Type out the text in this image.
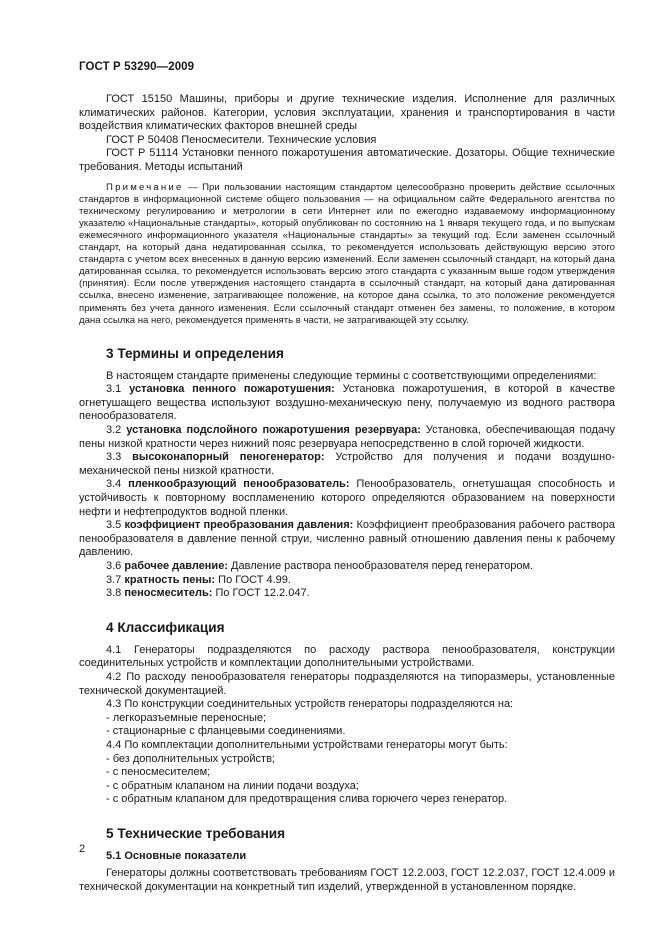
ГОСТ Р 53290—2009

ГОСТ 15150 Машины, приборы и другие технические изделия. Исполнение для различных климатических районов. Категории, условия эксплуатации, хранения и транспортирования в части воздействия климатических факторов внешней среды

ГОСТ Р 50408 Пеносмесители. Технические условия

ГОСТ Р 51114 Установки пенного пожаротушения автоматические. Дозаторы. Общие технические требования. Методы испытаний

Примечание — При пользовании настоящим стандартом целесообразно проверить действие ссылочных стандартов в информационной системе общего пользования — на официальном сайте Федерального агентства по техническому регулированию и метрологии в сети Интернет или по ежегодно издаваемому информационному указателю «Национальные стандарты», который опубликован по состоянию на 1 января текущего года, и по выпускам ежемесячного информационного указателя «Национальные стандарты» за текущий год. Если заменен ссылочный стандарт, на который дана недатированная ссылка, то рекомендуется использовать действующую версию этого стандарта с учетом всех внесенных в данную версию изменений. Если заменен ссылочный стандарт, на который дана датированная ссылка, то рекомендуется использовать версию этого стандарта с указанным выше годом утверждения (принятия). Если после утверждения настоящего стандарта в ссылочный стандарт, на который дана датированная ссылка, внесено изменение, затрагивающее положение, на которое дана ссылка, то это положение рекомендуется применять без учета данного изменения. Если ссылочный стандарт отменен без замены, то положение, в котором дана ссылка на него, рекомендуется применять в части, не затрагивающей эту ссылку.

3 Термины и определения

В настоящем стандарте применены следующие термины с соответствующими определениями:

3.1 установка пенного пожаротушения: Установка пожаротушения, в которой в качестве огнетушащего вещества используют воздушно-механическую пену, получаемую из водного раствора пенообразователя.

3.2 установка подслойного пожаротушения резервуара: Установка, обеспечивающая подачу пены низкой кратности через нижний пояс резервуара непосредственно в слой горючей жидкости.

3.3 высоконапорный пеногенератор: Устройство для получения и подачи воздушно-механической пены низкой кратности.

3.4 пленкообразующий пенообразователь: Пенообразователь, огнетушащая способность и устойчивость к повторному воспламенению которого определяются образованием на поверхности нефти и нефтепродуктов водной пленки.

3.5 коэффициент преобразования давления: Коэффициент преобразования рабочего раствора пенообразователя в давление пенной струи, численно равный отношению давления пены к рабочему давлению.

3.6 рабочее давление: Давление раствора пенообразователя перед генератором.

3.7 кратность пены: По ГОСТ 4.99.

3.8 пеносмеситель: По ГОСТ 12.2.047.

4 Классификация

4.1 Генераторы подразделяются по расходу раствора пенообразователя, конструкции соединительных устройств и комплектации дополнительными устройствами.

4.2 По расходу пенообразователя генераторы подразделяются на типоразмеры, установленные технической документацией.

4.3 По конструкции соединительных устройств генераторы подразделяются на:

- легкоразъемные переносные;

- стационарные с фланцевыми соединениями.

4.4 По комплектации дополнительными устройствами генераторы могут быть:

- без дополнительных устройств;

- с пеносмесителем;

- с обратным клапаном на линии подачи воздуха;

- с обратным клапаном для предотвращения слива горючего через генератор.

5 Технические требования
5.1 Основные показатели

Генераторы должны соответствовать требованиям ГОСТ 12.2.003, ГОСТ 12.2.037, ГОСТ 12.4.009 и технической документации на конкретный тип изделий, утвержденной в установленном порядке.

2
